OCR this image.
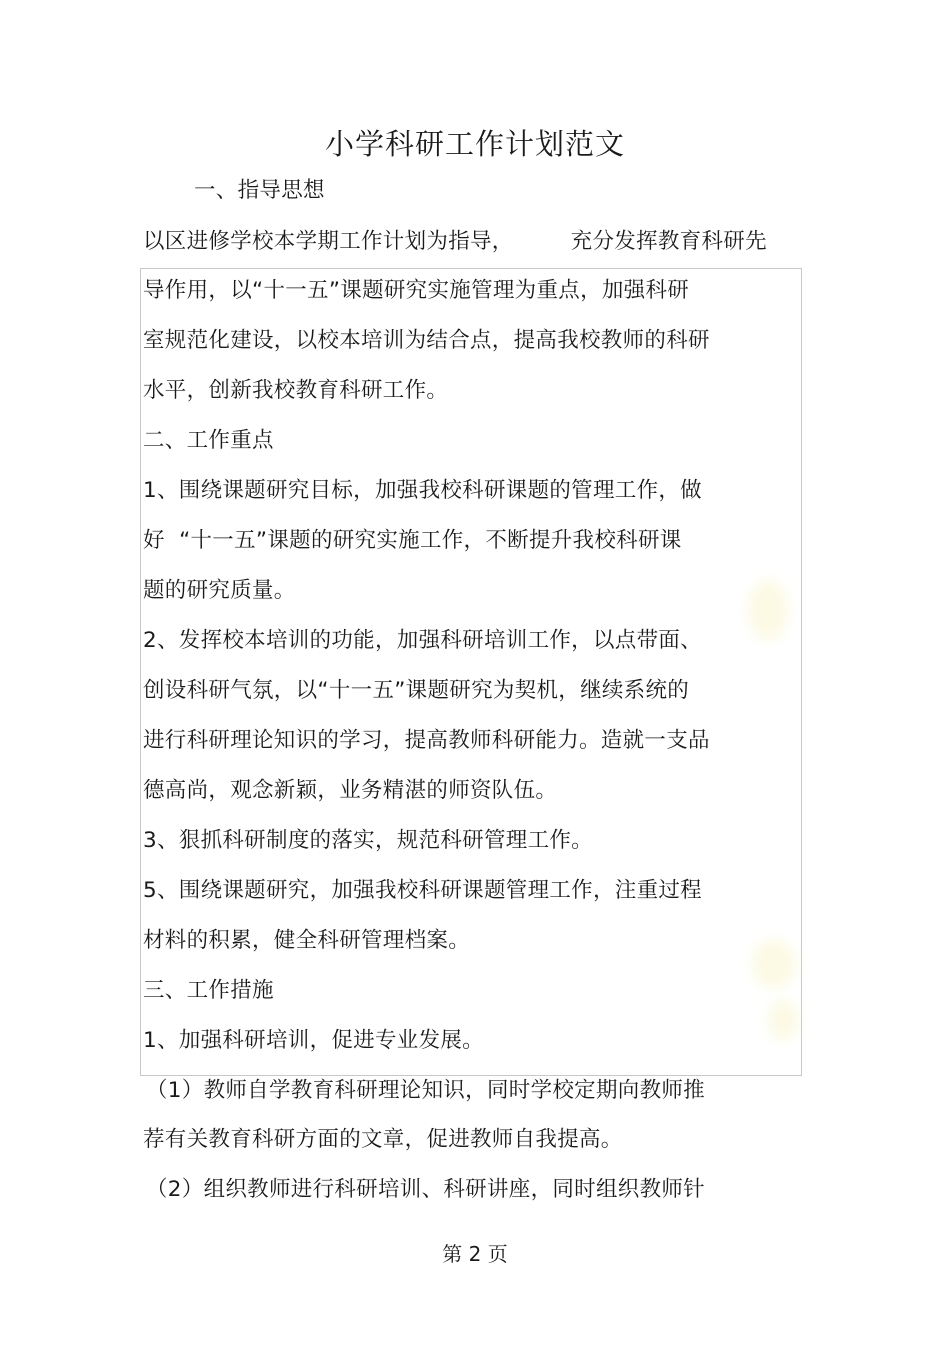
小学科研工作计划范文
一、指导思想
以区进修学校本学期工作计划为指导，        充分发挥教育科研先
导作用，以“十一五”课题研究实施管理为重点，加强科研
室规范化建设，以校本培训为结合点，提高我校教师的科研
水平，创新我校教育科研工作。
二、工作重点
1、围绕课题研究目标，加强我校科研课题的管理工作，做
好  “十一五”课题的研究实施工作，不断提升我校科研课
题的研究质量。
2、发挥校本培训的功能，加强科研培训工作，以点带面、
创设科研气氛，以“十一五”课题研究为契机，继续系统的
进行科研理论知识的学习，提高教师科研能力。造就一支品
德高尚，观念新颖，业务精湛的师资队伍。
3、狠抓科研制度的落实，规范科研管理工作。
5、围绕课题研究，加强我校科研课题管理工作，注重过程
材料的积累，健全科研管理档案。
三、工作措施
1、加强科研培训，促进专业发展。
（1）教师自学教育科研理论知识，同时学校定期向教师推
荐有关教育科研方面的文章，促进教师自我提高。
（2）组织教师进行科研培训、科研讲座，同时组织教师针
第 2 页
